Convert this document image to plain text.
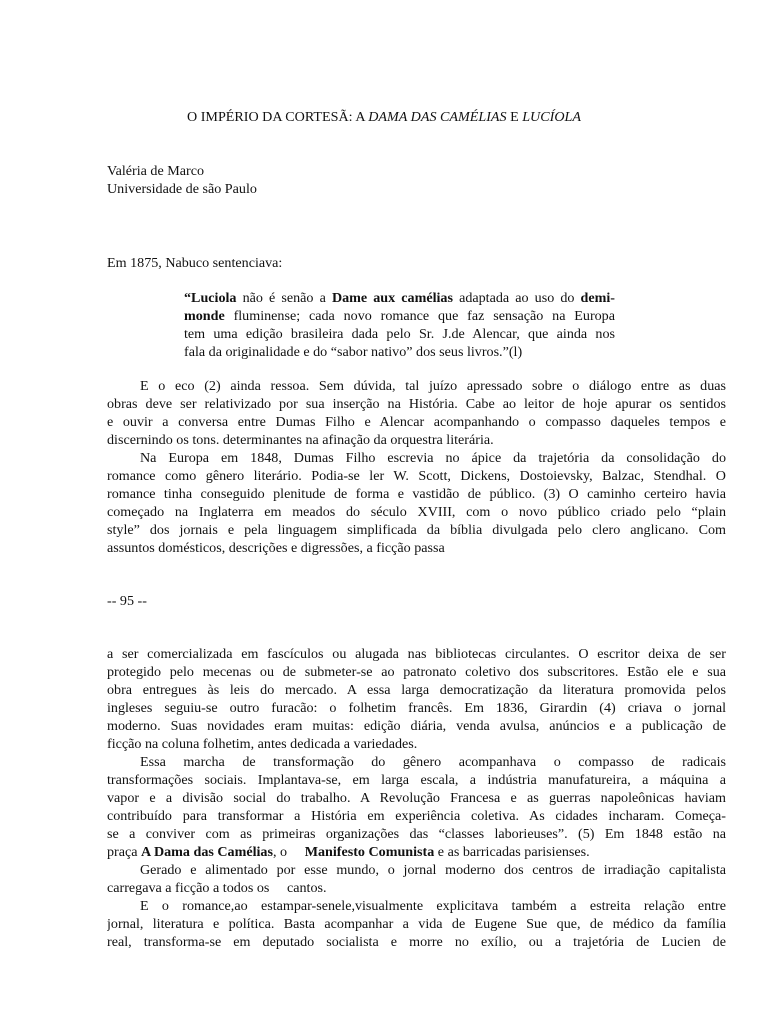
O IMPÉRIO DA CORTESÃ: A DAMA DAS CAMÉLIAS E LUCÍOLA
Valéria de Marco
Universidade de são Paulo
Em 1875, Nabuco sentenciava:
“Luciola não é senão a Dame aux camélias adaptada ao uso do demi-
monde fluminense; cada novo romance que faz sensação na Europa
tem uma edição brasileira dada pelo Sr. J.de Alencar, que ainda nos
fala da originalidade e do “sabor nativo” dos seus livros.”(l)
E o eco (2) ainda ressoa. Sem dúvida, tal juízo apressado sobre o diálogo entre as duas
obras deve ser relativizado por sua inserção na História. Cabe ao leitor de hoje apurar os sentidos
e ouvir a conversa entre Dumas Filho e Alencar acompanhando o compasso daqueles tempos e
discernindo os tons. determinantes na afinação da orquestra literária.
Na Europa em 1848, Dumas Filho escrevia no ápice da trajetória da consolidação do
romance como gênero literário. Podia-se ler W. Scott, Dickens, Dostoievsky, Balzac, Stendhal. O
romance tinha conseguido plenitude de forma e vastidão de público. (3) O caminho certeiro havia
começado na Inglaterra em meados do século XVIII, com o novo público criado pelo “plain
style” dos jornais e pela linguagem simplificada da bíblia divulgada pelo clero anglicano. Com
assuntos domésticos, descrições e digressões, a ficção passa
-- 95 --
a ser comercializada em fascículos ou alugada nas bibliotecas circulantes. O escritor deixa de ser
protegido pelo mecenas ou de submeter-se ao patronato coletivo dos subscritores. Estão ele e sua
obra entregues às leis do mercado. A essa larga democratização da literatura promovida pelos
ingleses seguiu-se outro furacão: o folhetim francês. Em 1836, Girardin (4) criava o jornal
moderno. Suas novidades eram muitas: edição diária, venda avulsa, anúncios e a publicação de
ficção na coluna folhetim, antes dedicada a variedades.
Essa marcha de transformação do gênero acompanhava o compasso de radicais
transformações sociais. Implantava-se, em larga escala, a indústria manufatureira, a máquina a
vapor e a divisão social do trabalho. A Revolução Francesa e as guerras napoleônicas haviam
contribuído para transformar a História em experiência coletiva. As cidades incharam. Começa-
se a conviver com as primeiras organizações das “classes laborieuses”. (5) Em 1848 estão na
praça A Dama das Camélias, o     Manifesto Comunista e as barricadas parisienses.
Gerado e alimentado por esse mundo, o jornal moderno dos centros de irradiação capitalista
carregava a ficção a todos os     cantos.
E o romance,ao estampar-senele,visualmente explicitava também a estreita relação entre
jornal, literatura e política. Basta acompanhar a vida de Eugene Sue que, de médico da família
real, transforma-se em deputado socialista e morre no exílio, ou a trajetória de Lucien de
